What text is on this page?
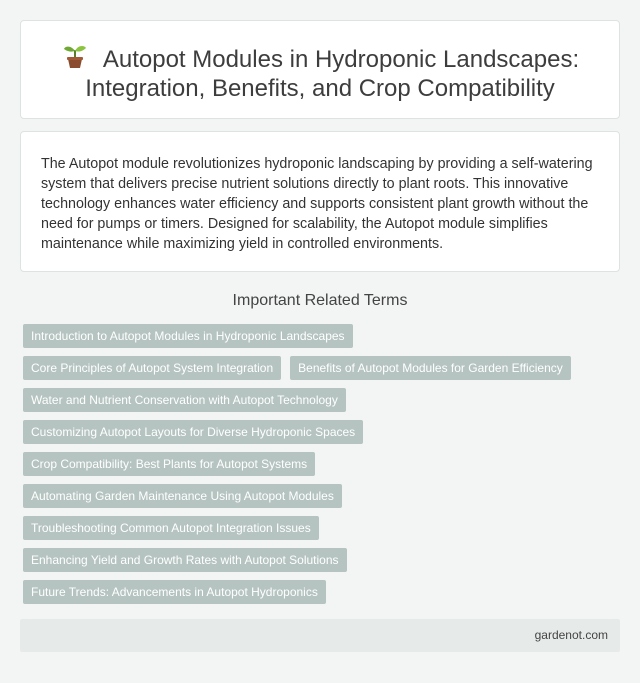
Autopot Modules in Hydroponic Landscapes:
Integration, Benefits, and Crop Compatibility

The Autopot module revolutionizes hydroponic landscaping by providing a self-watering system that delivers precise nutrient solutions directly to plant roots. This innovative technology enhances water efficiency and supports consistent plant growth without the need for pumps or timers. Designed for scalability, the Autopot module simplifies maintenance while maximizing yield in controlled environments.

Important Related Terms
Introduction to Autopot Modules in Hydroponic Landscapes
Core Principles of Autopot System Integration	Benefits of Autopot Modules for Garden Efficiency
Water and Nutrient Conservation with Autopot Technology
Customizing Autopot Layouts for Diverse Hydroponic Spaces
Crop Compatibility: Best Plants for Autopot Systems
Automating Garden Maintenance Using Autopot Modules
Troubleshooting Common Autopot Integration Issues
Enhancing Yield and Growth Rates with Autopot Solutions
Future Trends: Advancements in Autopot Hydroponics
gardenot.com
